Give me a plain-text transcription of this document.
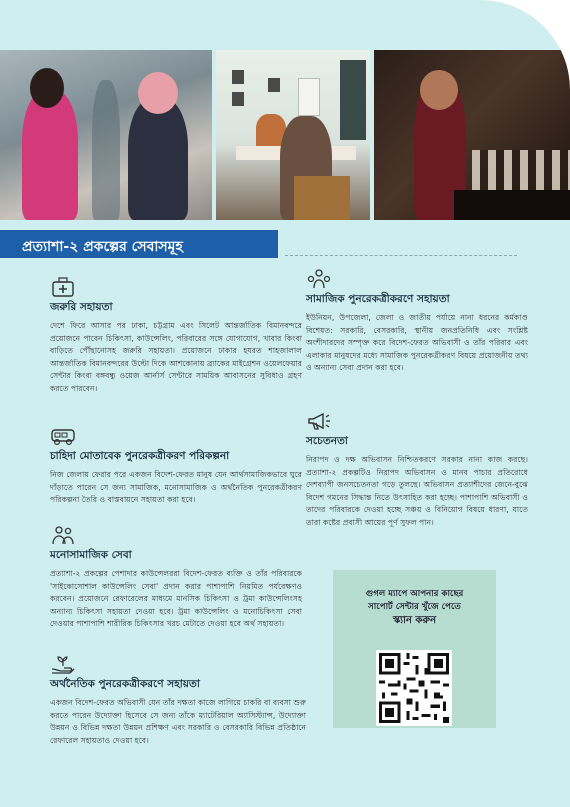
প্রত্যাশা-২ প্রকল্পের সেবাসমূহ
জরুরি সহায়তা
দেশে ফিরে আসার পর ঢাকা, চট্টগ্রাম এবং সিলেট আন্তর্জাতিক বিমানবন্দরে প্রয়োজনে পাবেন চিকিৎসা, কাউন্সেলিং, পরিবারের সঙ্গে যোগাযোগ, খাবার কিংবা বাড়িতে পৌঁছানোসহ জরুরি সহায়তা। প্রয়োজনে ঢাকার হযরত শাহজালাল আন্তর্জাতিক বিমানবন্দরের উল্টো দিকে আশকোনায় ব্র্যাকের মাইগ্রেশন ওয়েলফেয়ার সেন্টার কিংবা বঙ্গবন্ধু ওয়েজ আর্নার্স সেন্টারে সাময়িক আবাসনের সুবিধাও গ্রহণ করতে পারবেন।
চাহিদা মোতাবেক পুনরেকত্রীকরণ পরিকল্পনা
নিজ জেলায় ফেরার পরে একজন বিদেশ-ফেরত মানুষ যেন আর্থসামাজিকভাবে ঘুরে দাঁড়াতে পারেন সে জন্য সামাজিক, মনোসামাজিক ও অর্থনৈতিক পুনরেকত্রীকরণ পরিকল্পনা তৈরি ও বাস্তবায়নে সহায়তা করা হবে।
মনোসামাজিক সেবা
প্রত্যাশা-২ প্রকল্পের পেশাদার কাউন্সেলররা বিদেশ-ফেরত ব্যক্তি ও তাঁর পরিবারকে 'সাইকোসোশাল কাউন্সেলিং সেবা' প্রদান করার পাশাপাশি নিয়মিত পর্যবেক্ষণও করবেন। প্রয়োজনে রেফারেলের মাধ্যমে মানসিক চিকিৎসা ও ট্রমা কাউন্সেলিংসহ অন্যান্য চিকিৎসা সহায়তা দেওয়া হবে। ট্রমা কাউন্সেলিং ও মনোচিকিৎসা সেবা দেওয়ার পাশাপাশি শারীরিক চিকিৎসার খরচ মেটাতে দেওয়া হবে অর্থ সহায়তা।
অর্থনৈতিক পুনরেকত্রীকরণে সহায়তা
একজন বিদেশ-ফেরত অভিবাসী যেন তাঁর দক্ষতা কাজে লাগিয়ে চাকরি বা ব্যবসা শুরু করতে পারেন উদ্যোক্তা হিসেবে সে জন্য তাঁকে ম্যাটেরিয়াল অ্যাসিস্ট্যান্স, উদ্যোক্তা উন্নয়ন ও বিভিন্ন দক্ষতা উন্নয়ন প্রশিক্ষণ এবং সরকারি ও বেসরকারি বিভিন্ন প্রতিষ্ঠানে রেফারেল সহায়তাও দেওয়া হবে।
সামাজিক পুনরেকত্রীকরণে সহায়তা
ইউনিয়ন, উপজেলা, জেলা ও জাতীয় পর্যায়ে নানা ধরনের কর্মকাণ্ড বিশেষত: সরকারি, বেসরকারি, স্থানীয় জনপ্রতিনিধি এবং সংশ্লিষ্ট অংশীদারদের সম্পৃক্ত করে বিদেশ-ফেরত অভিবাসী ও তাঁর পরিবার এবং এলাকার মানুষদের মধ্যে সামাজিক পুনরেকত্রীকরণ বিষয়ে প্রয়োজনীয় তথ্য ও অন্যান্য সেবা প্রদান করা হবে।
সচেতনতা
নিরাপদ ও দক্ষ অভিবাসন নিশ্চিতকরণে সরকার নানা কাজ করছে। প্রত্যাশা-২ প্রকল্পটিও নিরাপদ অভিবাসন ও মানব পাচার প্রতিরোধে দেশব্যাপী জনসচেতনতা গড়ে তুলছে। অভিবাসন প্রত্যাশীদের জেনে-বুঝে বিদেশ গমনের সিদ্ধান্ত নিতে উৎসাহিত করা হচ্ছে। পাশাপাশি অভিবাসী ও তাদের পরিবারকে দেওয়া হচ্ছে সঞ্চয় ও বিনিয়োগ বিষয়ে ধারণা, যাতে তারা কষ্টের প্রবাসী আয়ের পূর্ণ সুফল পান।
গুগল ম্যাপে আপনার কাছের
সাপোর্ট সেন্টার খুঁজে পেতে
স্ক্যান করুন
